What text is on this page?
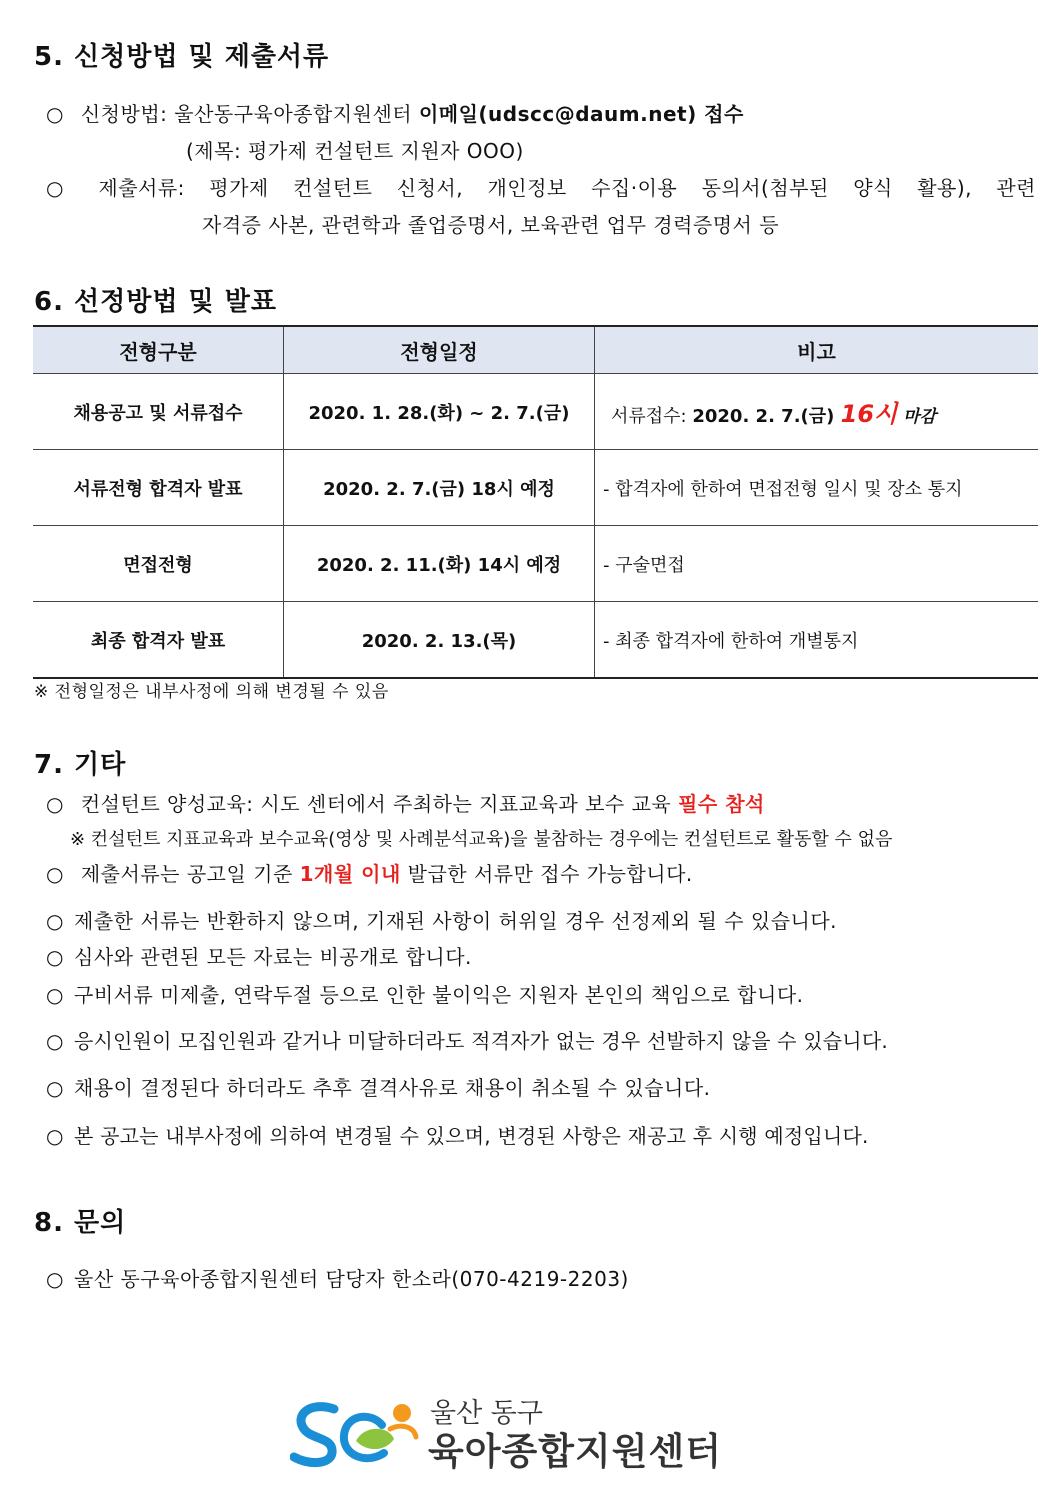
5. 신청방법 및 제출서류
○ 신청방법: 울산동구육아종합지원센터 이메일(udscc@daum.net) 접수
(제목: 평가제 컨설턴트 지원자 OOO)
○ 제출서류: 평가제 컨설턴트 신청서, 개인정보 수집·이용 동의서(첨부된 양식 활용), 관련
자격증 사본, 관련학과 졸업증명서, 보육관련 업무 경력증명서 등
6. 선정방법 및 발표
전형구분	전형일정	비고
채용공고 및 서류접수	2020. 1. 28.(화) ~ 2. 7.(금)	서류접수: 2020. 2. 7.(금) 16시 마감
서류전형 합격자 발표	2020. 2. 7.(금) 18시 예정	- 합격자에 한하여 면접전형 일시 및 장소 통지
면접전형	2020. 2. 11.(화) 14시 예정	- 구술면접
최종 합격자 발표	2020. 2. 13.(목)	- 최종 합격자에 한하여 개별통지
※ 전형일정은 내부사정에 의해 변경될 수 있음
7. 기타
○ 컨설턴트 양성교육: 시도 센터에서 주최하는 지표교육과 보수 교육 필수 참석
※ 컨설턴트 지표교육과 보수교육(영상 및 사례분석교육)을 불참하는 경우에는 컨설턴트로 활동할 수 없음
○ 제출서류는 공고일 기준 1개월 이내 발급한 서류만 접수 가능합니다.
○ 제출한 서류는 반환하지 않으며, 기재된 사항이 허위일 경우 선정제외 될 수 있습니다.
○ 심사와 관련된 모든 자료는 비공개로 합니다.
○ 구비서류 미제출, 연락두절 등으로 인한 불이익은 지원자 본인의 책임으로 합니다.
○ 응시인원이 모집인원과 같거나 미달하더라도 적격자가 없는 경우 선발하지 않을 수 있습니다.
○ 채용이 결정된다 하더라도 추후 결격사유로 채용이 취소될 수 있습니다.
○ 본 공고는 내부사정에 의하여 변경될 수 있으며, 변경된 사항은 재공고 후 시행 예정입니다.
8. 문의
○ 울산 동구육아종합지원센터 담당자 한소라(070-4219-2203)
울산 동구
육아종합지원센터
